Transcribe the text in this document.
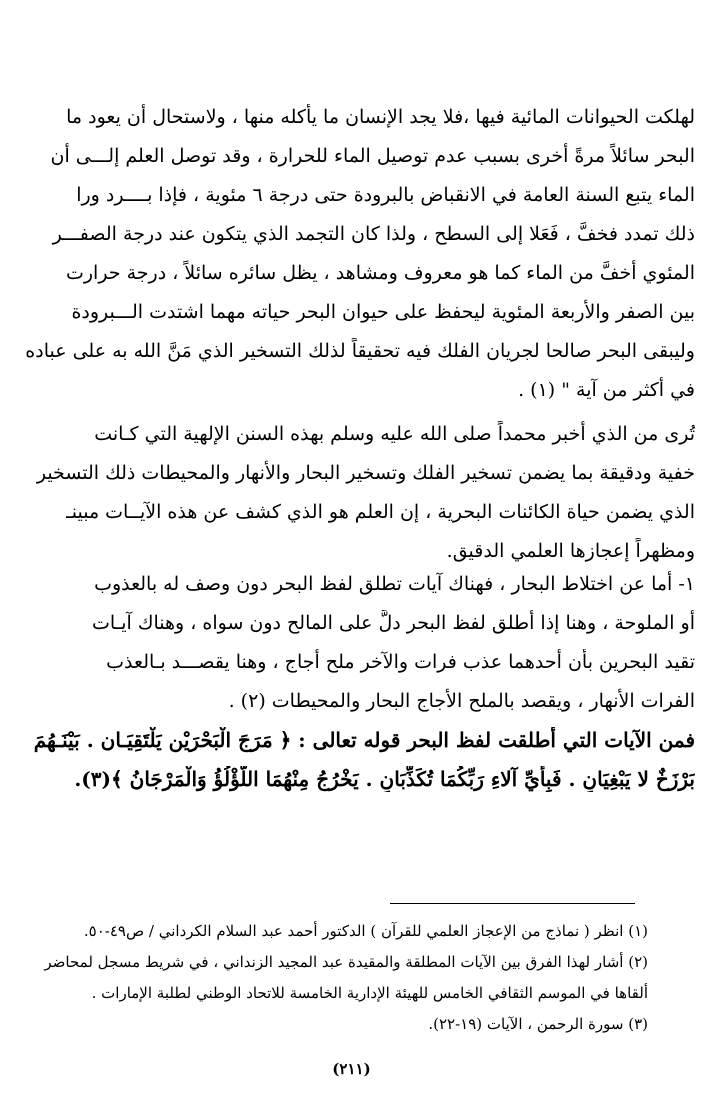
لهلكت الحيوانات المائية فيها ،فلا يجد الإنسان ما يأكله منها ، ولاستحال أن يعود ما
البحر سائلاً مرةً أخرى بسبب عدم توصيل الماء للحرارة ، وقد توصل العلم إلـــى أن
الماء يتبع السنة العامة في الانقباض بالبرودة حتى درجة ٦ مئوية ، فإذا بــــرد ورا
ذلك تمدد فخفَّ ، فَعَلا إلى السطح ، ولذا كان التجمد الذي يتكون عند درجة الصفـــر
المئوي أخفَّ من الماء كما هو معروف ومشاهد ، يظل سائره سائلاً ، درجة حرارت
بين الصفر والأربعة المئوية ليحفظ على حيوان البحر حياته مهما اشتدت الـــبرودة
وليبقى البحر صالحا لجريان الفلك فيه تحقيقاً لذلك التسخير الذي مَنَّ الله به على عباده
في أكثر من آية " (١) .
تُرى من الذي أخبر محمداً صلى الله عليه وسلم بهذه السنن الإلهية التي كـانت
خفية ودقيقة بما يضمن تسخير الفلك وتسخير البحار والأنهار والمحيطات ذلك التسخير
الذي يضمن حياة الكائنات البحرية ، إن العلم هو الذي كشف عن هذه الآيــات مبينـ
ومظهراً إعجازها العلمي الدقيق.
١- أما عن اختلاط البحار ، فهناك آيات تطلق لفظ البحر دون وصف له بالعذوب
أو الملوحة ، وهنا إذا أُطلق لفظ البحر دلَّ على المالح دون سواه ، وهناك آيـات
تقيد البحرين بأن أحدهما عذب فرات والآخر ملح أجاج ، وهنا يقصـــد بـالعذب
الفرات الأنهار ، ويقصد بالملح الأجاج البحار والمحيطات (٢) .
فمن الآيات التي أطلقت لفظ البحر قوله تعالى : ﴿ مَرَجَ الْبَحْرَيْنِ يَلْتَقِيَـان . بَيْنَـهُمَ
بَرْزَخٌ لا يَبْغِيَانِ . فَبِأَيِّ آلاءِ رَبِّكُمَا تُكَذِّبَانِ . يَخْرُجُ مِنْهُمَا اللُّؤْلُؤُ وَالْمَرْجَانُ ﴾(٣).
(١) انظر ( نماذج من الإعجاز العلمي للقرآن ) الدكتور أحمد عبد السلام الكرداني / ص٤٩-٥٠.
(٢) أشار لهذا الفرق بين الآيات المطلقة والمقيدة عبد المجيد الزنداني ، في شريط مسجل لمحاضر
ألقاها في الموسم الثقافي الخامس للهيئة الإدارية الخامسة للاتحاد الوطني لطلبة الإمارات .
(٣) سورة الرحمن ، الآيات (١٩-٢٢).
(٢١١)
